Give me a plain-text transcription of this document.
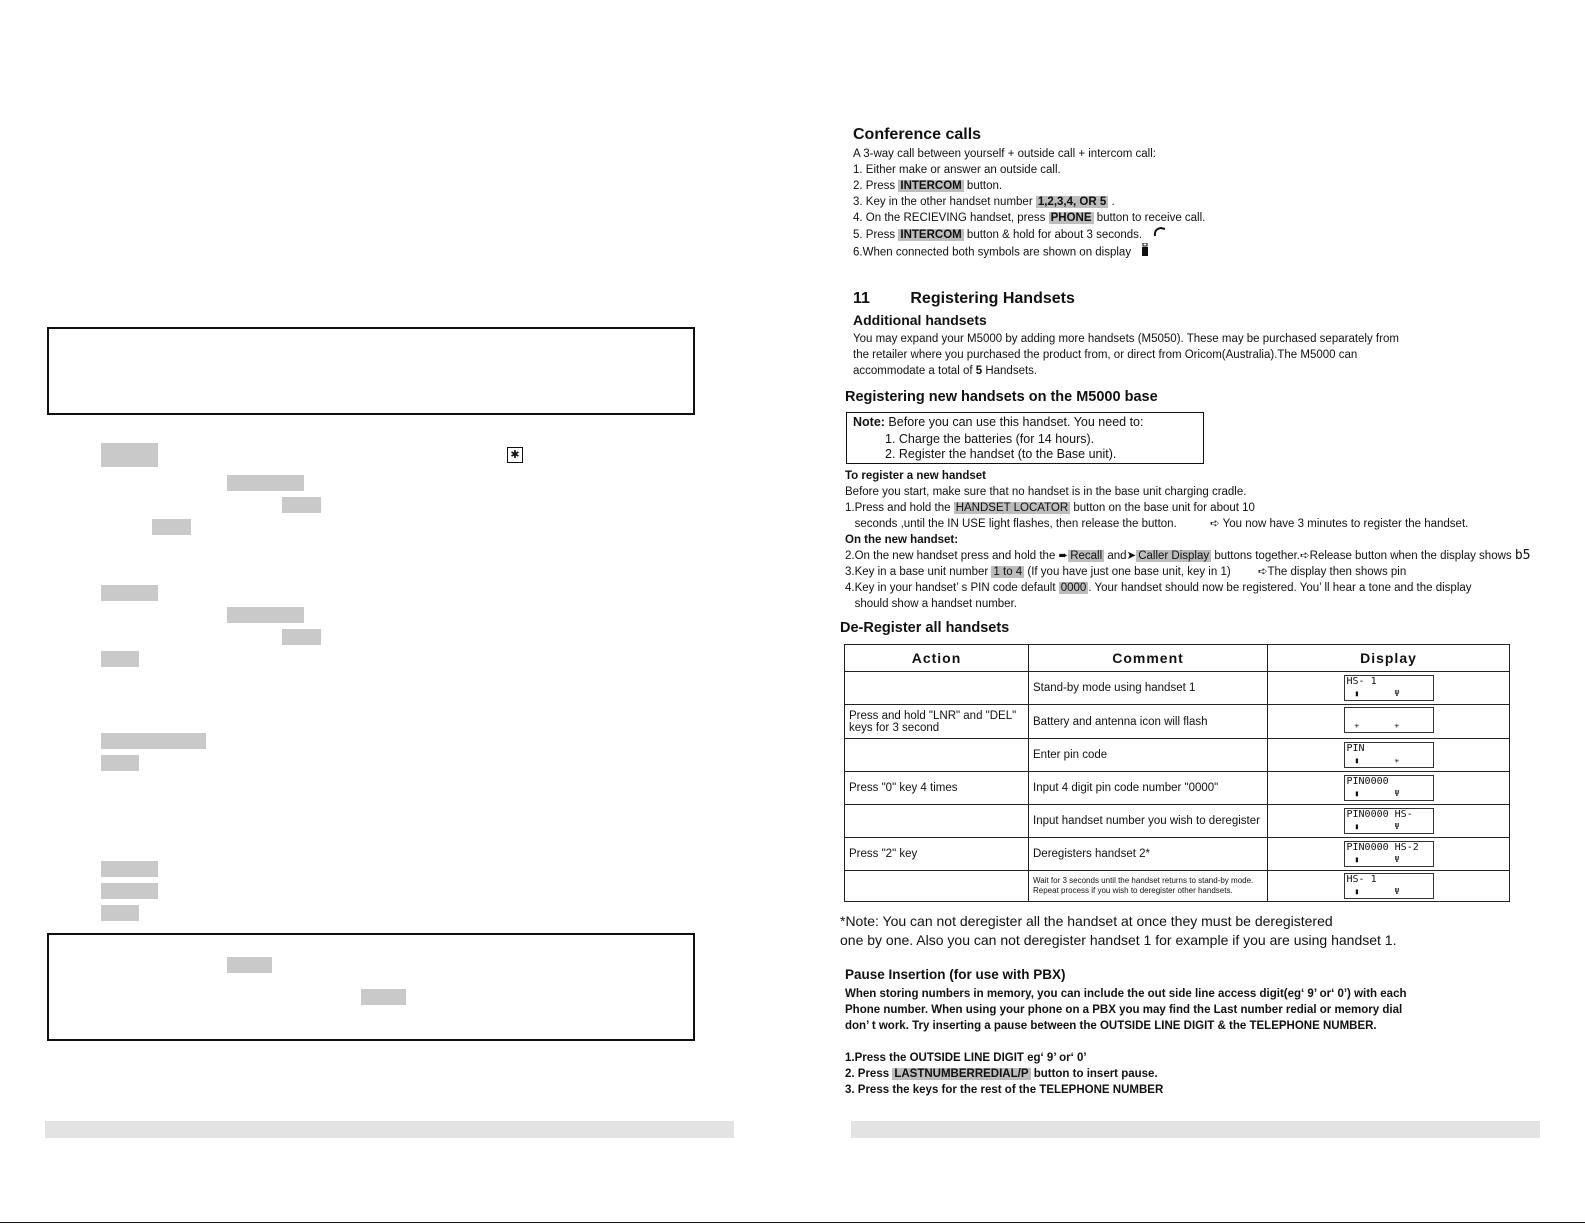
✱
Conference calls
A 3-way call between yourself + outside call + intercom call:
1. Either make or answer an outside call.
2. Press INTERCOM button.
3. Key in the other handset number 1,2,3,4, OR 5 .
4. On the RECIEVING handset, press PHONE button to receive call.
5. Press INTERCOM button & hold for about 3 seconds.
6.When connected both symbols are shown on display
11	Registering Handsets
Additional handsets
You may expand your M5000 by adding more handsets (M5050). These may be purchased separately from
the retailer where you purchased the product from, or direct from Oricom(Australia).The M5000 can
accommodate a total of 5 Handsets.
Registering new handsets on the M5000 base
Note: Before you can use this handset. You need to:
1. Charge the batteries (for 14 hours).
2. Register the handset (to the Base unit).
To register a new handset
Before you start, make sure that no handset is in the base unit charging cradle.
1.Press and hold the HANDSET LOCATOR button on the base unit for about 10
seconds ,until the IN USE light flashes, then release the button.	➪ You now have 3 minutes to register the handset.
On the new handset:
2.On the new handset press and hold the ➨ Recall and➤ Caller Display buttons together.➪Release button when the display shows b5
3.Key in a base unit number 1 to 4 (If you have just one base unit, key in 1) ➪The display then shows pin
4.Key in your handset’ s PIN code default 0000 . Your handset should now be registered. You’ ll hear a tone and the display
should show a handset number.
De-Register all handsets
Action	Comment	Display
	Stand-by mode using handset 1	HS- 1
▮ Ψ

Press and hold "LNR" and "DEL" keys for 3 second	Battery and antenna icon will flash	✳ ✳

	Enter pin code	PIN
▮ ✳

Press "0" key 4 times	Input 4 digit pin code number "0000"	PIN0000
▮ Ψ

	Input handset number you wish to deregister	PIN0000 HS-
▮ Ψ

Press "2" key	Deregisters handset 2*	PIN0000 HS-2
▮ Ψ

	Wait for 3 seconds until the handset returns to stand-by mode. Repeat process if you wish to deregister other handsets.	HS- 1
▮ Ψ
*Note: You can not deregister all the handset at once they must be deregistered
one by one. Also you can not deregister handset 1 for example if you are using handset 1.
Pause Insertion (for use with PBX)
When storing numbers in memory, you can include the out side line access digit(eg‘ 9’ or‘ 0’) with each
Phone number. When using your phone on a PBX you may find the Last number redial or memory dial
don’ t work. Try inserting a pause between the OUTSIDE LINE DIGIT & the TELEPHONE NUMBER.
1.Press the OUTSIDE LINE DIGIT eg‘ 9’ or‘ 0’
2. Press LASTNUMBERREDIAL/P button to insert pause.
3. Press the keys for the rest of the TELEPHONE NUMBER
